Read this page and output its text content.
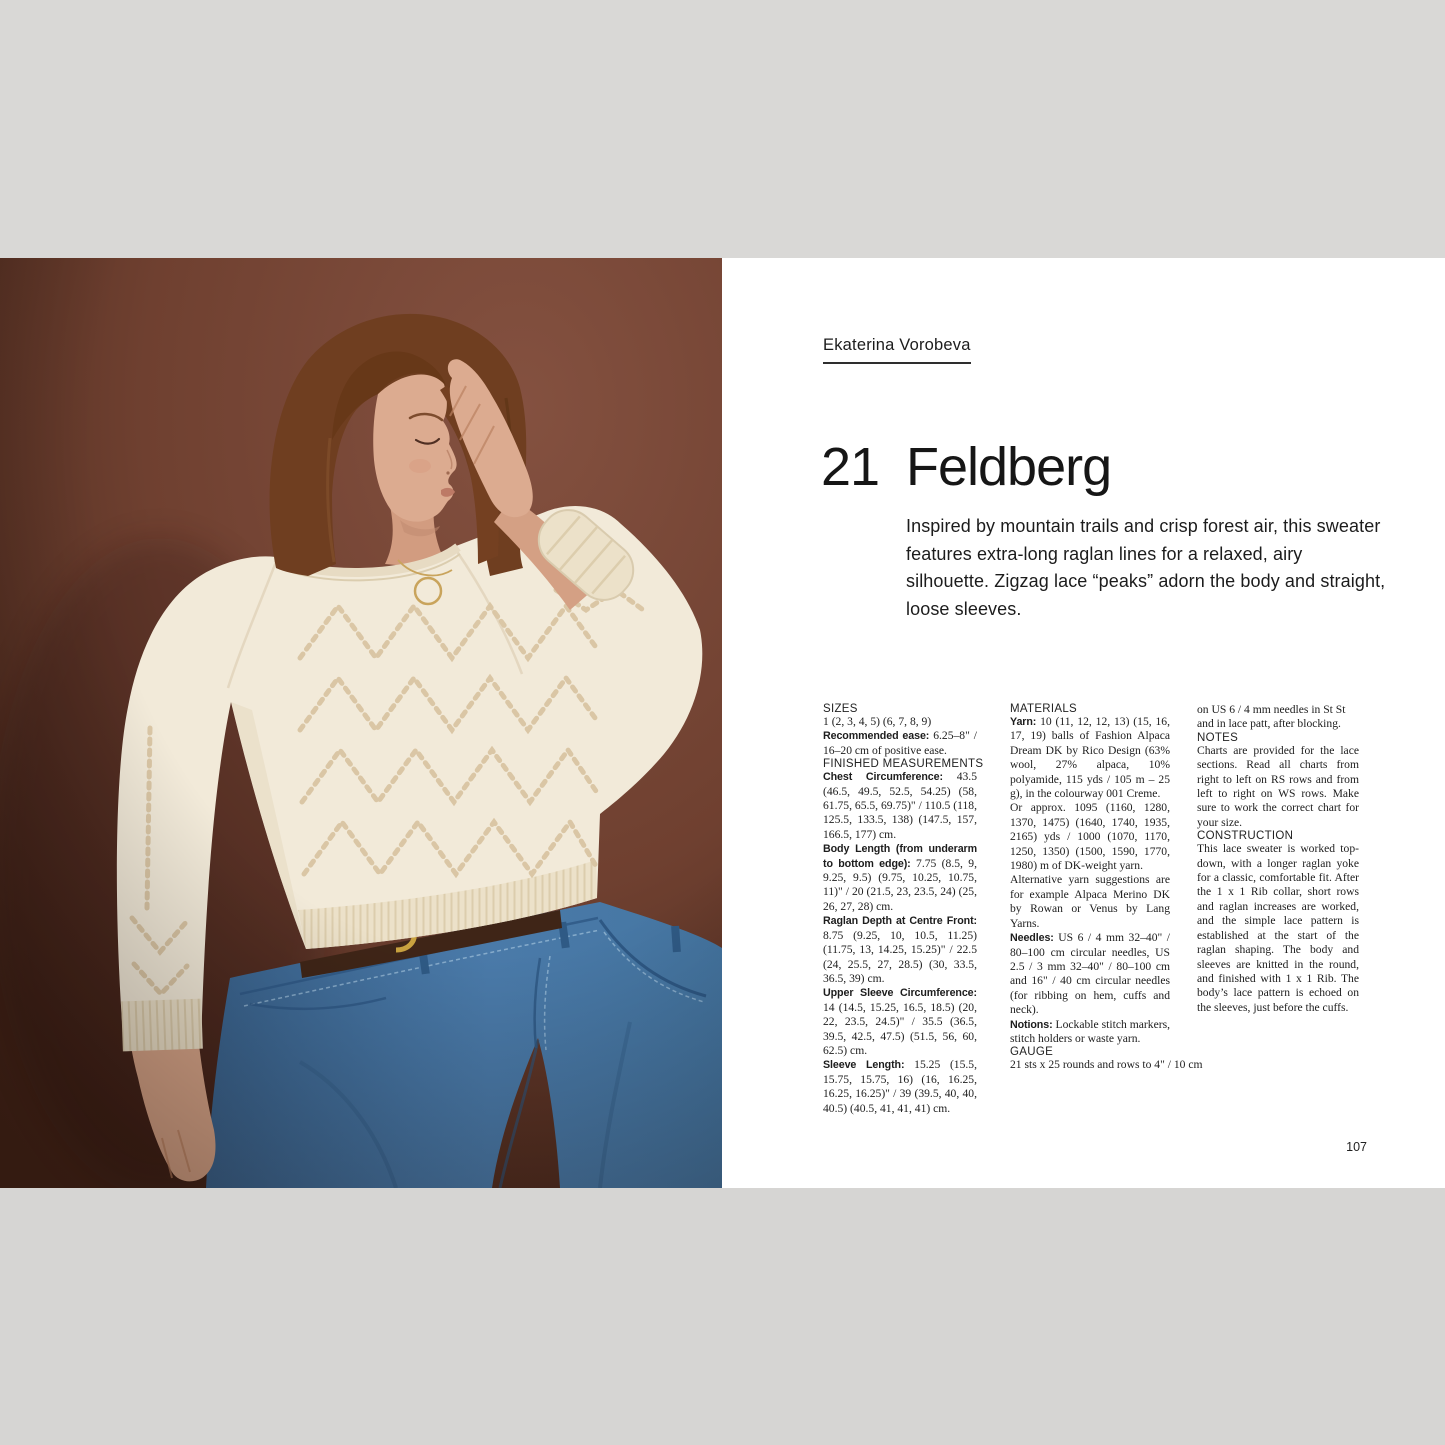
Ekaterina Vorobeva
21 Feldberg

Inspired by mountain trails and crisp forest air, this sweater features extra-long raglan lines for a relaxed, airy silhouette. Zigzag lace “peaks” adorn the body and straight, loose sleeves.

SIZES

1 (2, 3, 4, 5) (6, 7, 8, 9)

Recommended ease: 6.25–8" / 16–20 cm of positive ease.

FINISHED MEASUREMENTS

Chest Circumference: 43.5 (46.5, 49.5, 52.5, 54.25) (58, 61.75, 65.5, 69.75)" / 110.5 (118, 125.5, 133.5, 138) (147.5, 157, 166.5, 177) cm.

Body Length (from underarm to bottom edge): 7.75 (8.5, 9, 9.25, 9.5) (9.75, 10.25, 10.75, 11)" / 20 (21.5, 23, 23.5, 24) (25, 26, 27, 28) cm.

Raglan Depth at Centre Front: 8.75 (9.25, 10, 10.5, 11.25) (11.75, 13, 14.25, 15.25)" / 22.5 (24, 25.5, 27, 28.5) (30, 33.5, 36.5, 39) cm.

Upper Sleeve Circumference: 14 (14.5, 15.25, 16.5, 18.5) (20, 22, 23.5, 24.5)" / 35.5 (36.5, 39.5, 42.5, 47.5) (51.5, 56, 60, 62.5) cm.

Sleeve Length: 15.25 (15.5, 15.75, 15.75, 16) (16, 16.25, 16.25, 16.25)" / 39 (39.5, 40, 40, 40.5) (40.5, 41, 41, 41) cm.

MATERIALS

Yarn: 10 (11, 12, 12, 13) (15, 16, 17, 19) balls of Fashion Alpaca Dream DK by Rico Design (63% wool, 27% alpaca, 10% polyamide, 115 yds / 105 m – 25 g), in the colourway 001 Creme.

Or approx. 1095 (1160, 1280, 1370, 1475) (1640, 1740, 1935, 2165) yds / 1000 (1070, 1170, 1250, 1350) (1500, 1590, 1770, 1980) m of DK-weight yarn.

Alternative yarn suggestions are for example Alpaca Merino DK by Rowan or Venus by Lang Yarns.

Needles: US 6 / 4 mm 32–40" / 80–100 cm circular needles, US 2.5 / 3 mm 32–40" / 80–100 cm and 16" / 40 cm circular needles (for ribbing on hem, cuffs and neck).

Notions: Lockable stitch markers, stitch holders or waste yarn.

GAUGE

21 sts x 25 rounds and rows to 4" / 10 cm

on US 6 / 4 mm needles in St St and in lace patt, after blocking.

NOTES

Charts are provided for the lace sections. Read all charts from right to left on RS rows and from left to right on WS rows. Make sure to work the correct chart for your size.

CONSTRUCTION

This lace sweater is worked top-down, with a longer raglan yoke for a classic, comfortable fit. After the 1 x 1 Rib collar, short rows and raglan increases are worked, and the simple lace pattern is established at the start of the raglan shaping. The body and sleeves are knitted in the round, and finished with 1 x 1 Rib. The body’s lace pattern is echoed on the sleeves, just before the cuffs.

107
